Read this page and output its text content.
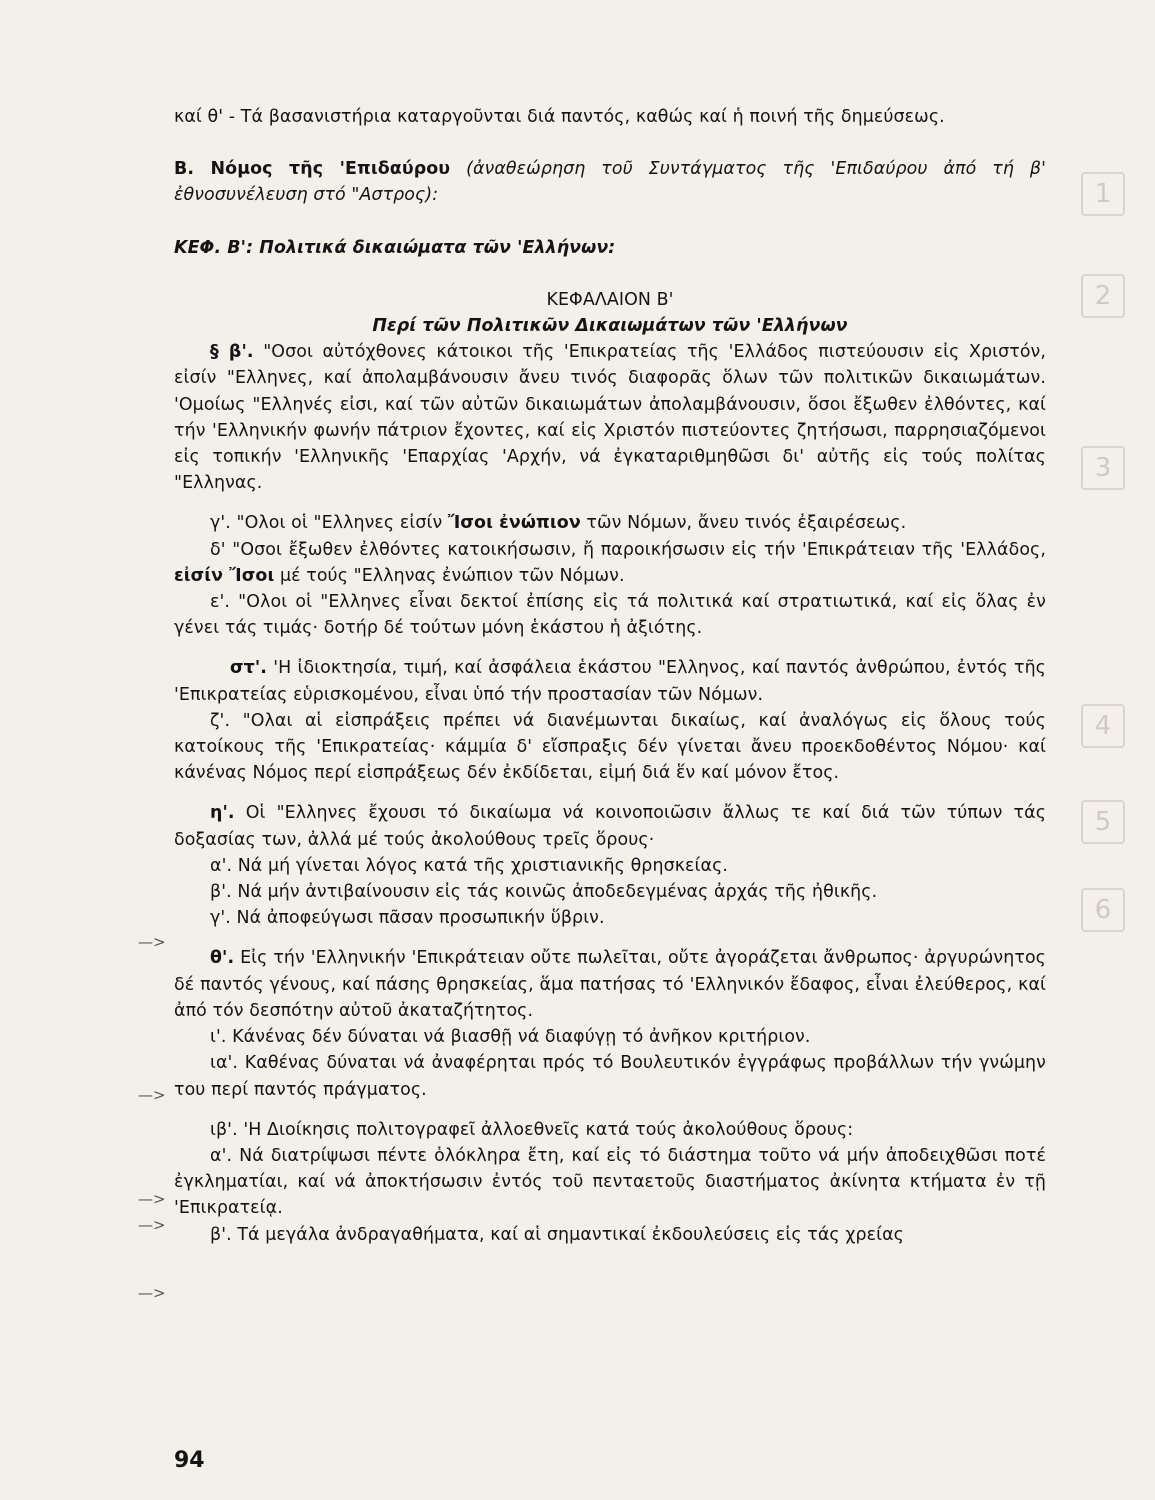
1
2
3
4
5
6
—>
—>
—>
—>
—>

καί θ' - Τά βασανιστήρια καταργοῦνται διά παντός, καθώς καί ἡ ποινή τῆς δημεύσεως.

Β. Νόμος τῆς 'Επιδαύρου (ἀναθεώρηση τοῦ Συντάγματος τῆς 'Επιδαύρου ἀπό τή β' ἐθνοσυνέλευση στό "Αστρος):

ΚΕΦ. Β': Πολιτικά δικαιώματα τῶν 'Ελλήνων:

ΚΕΦΑΛΑΙΟΝ Β'

Περί τῶν Πολιτικῶν Δικαιωμάτων τῶν 'Ελλήνων

§ β'. "Οσοι αὐτόχθονες κάτοικοι τῆς 'Επικρατείας τῆς 'Ελλάδος πιστεύουσιν εἰς Χριστόν, εἰσίν "Ελληνες, καί ἀπολαμβάνουσιν ἄνευ τινός διαφορᾶς ὅλων τῶν πολιτικῶν δικαιωμάτων. 'Ομοίως "Ελληνές εἰσι, καί τῶν αὐτῶν δικαιωμάτων ἀπολαμβάνουσιν, ὅσοι ἔξωθεν ἐλθόντες, καί τήν 'Ελληνικήν φωνήν πάτριον ἔχοντες, καί εἰς Χριστόν πιστεύοντες ζητήσωσι, παρρησιαζόμενοι εἰς τοπικήν 'Ελληνικῆς 'Επαρχίας 'Αρχήν, νά ἐγκαταριθμηθῶσι δι' αὐτῆς εἰς τούς πολίτας "Ελληνας.

γ'. "Ολοι οἱ "Ελληνες εἰσίν Ἴσοι ἐνώπιον τῶν Νόμων, ἄνευ τινός ἐξαιρέσεως.

δ' "Οσοι ἔξωθεν ἐλθόντες κατοικήσωσιν, ἤ παροικήσωσιν εἰς τήν 'Επικράτειαν τῆς 'Ελλάδος, εἰσίν Ἴσοι μέ τούς "Ελληνας ἐνώπιον τῶν Νόμων.

ε'. "Ολοι οἱ "Ελληνες εἶναι δεκτοί ἐπίσης εἰς τά πολιτικά καί στρατιωτικά, καί εἰς ὅλας ἐν γένει τάς τιμάς· δοτήρ δέ τούτων μόνη ἑκάστου ἡ ἀξιότης.

στ'. 'Η ἰδιοκτησία, τιμή, καί ἀσφάλεια ἑκάστου "Ελληνος, καί παντός ἀνθρώπου, ἐντός τῆς 'Επικρατείας εὑρισκομένου, εἶναι ὑπό τήν προστασίαν τῶν Νόμων.

ζ'. "Ολαι αἱ εἰσπράξεις πρέπει νά διανέμωνται δικαίως, καί ἀναλόγως εἰς ὅλους τούς κατοίκους τῆς 'Επικρατείας· κάμμία δ' εἴσπραξις δέν γίνεται ἄνευ προεκδοθέντος Νόμου· καί κάνένας Νόμος περί εἰσπράξεως δέν ἐκδίδεται, εἰμή διά ἕν καί μόνον ἔτος.

η'. Οἱ "Ελληνες ἔχουσι τό δικαίωμα νά κοινοποιῶσιν ἄλλως τε καί διά τῶν τύπων τάς δοξασίας των, ἀλλά μέ τούς ἀκολούθους τρεῖς ὅρους·

α'. Νά μή γίνεται λόγος κατά τῆς χριστιανικῆς θρησκείας.

β'. Νά μήν ἀντιβαίνουσιν εἰς τάς κοινῶς ἀποδεδεγμένας ἀρχάς τῆς ἠθικῆς.

γ'. Νά ἀποφεύγωσι πᾶσαν προσωπικήν ὕβριν.

θ'. Εἰς τήν 'Ελληνικήν 'Επικράτειαν οὔτε πωλεῖται, οὔτε ἀγοράζεται ἄνθρωπος· ἀργυρώνητος δέ παντός γένους, καί πάσης θρησκείας, ἅμα πατήσας τό 'Ελληνικόν ἔδαφος, εἶναι ἐλεύθερος, καί ἀπό τόν δεσπότην αὐτοῦ ἀκαταζήτητος.

ι'. Κάνένας δέν δύναται νά βιασθῇ νά διαφύγῃ τό ἀνῆκον κριτήριον.

ια'. Καθένας δύναται νά ἀναφέρηται πρός τό Βουλευτικόν ἐγγράφως προβάλλων τήν γνώμην του περί παντός πράγματος.

ιβ'. 'Η Διοίκησις πολιτογραφεῖ ἀλλοεθνεῖς κατά τούς ἀκολούθους ὅρους:

α'. Νά διατρίψωσι πέντε ὁλόκληρα ἔτη, καί εἰς τό διάστημα τοῦτο νά μήν ἀποδειχθῶσι ποτέ ἐγκληματίαι, καί νά ἀποκτήσωσιν ἐντός τοῦ πενταετοῦς διαστήματος ἀκίνητα κτήματα ἐν τῇ 'Επικρατείᾳ.

β'. Τά μεγάλα ἀνδραγαθήματα, καί αἱ σημαντικαί ἐκδουλεύσεις εἰς τάς χρείας

94
